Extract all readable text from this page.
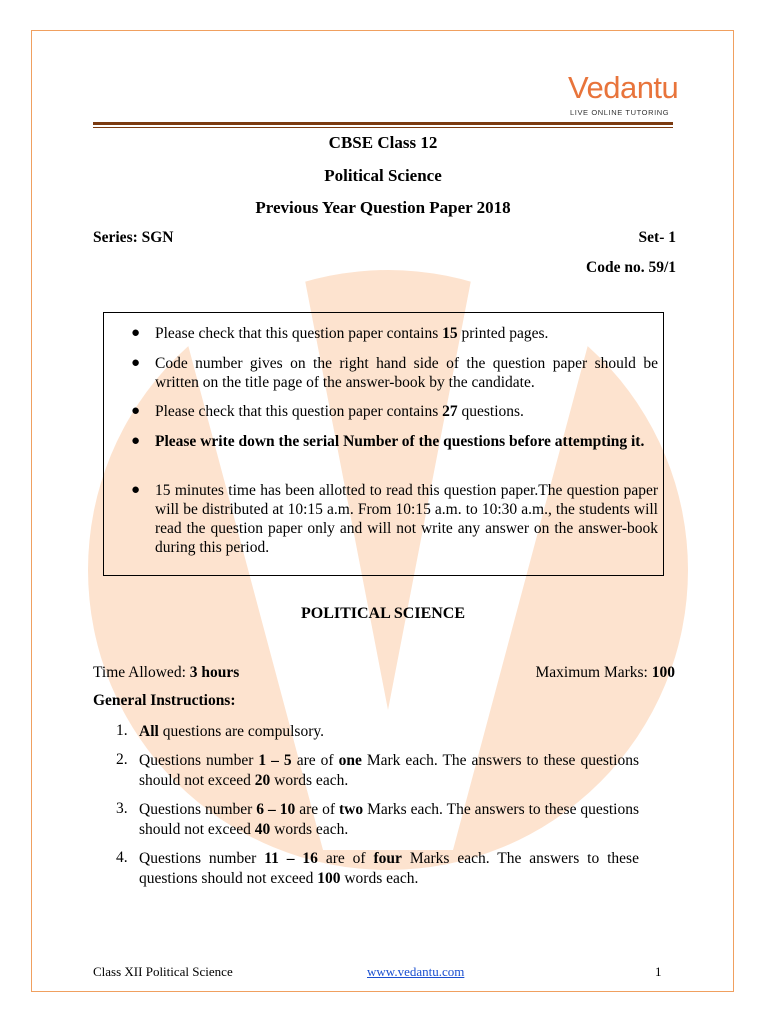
Vedantu
LIVE ONLINE TUTORING
CBSE Class 12
Political Science
Previous Year Question Paper 2018
Series: SGN	Set- 1
Code no. 59/1
● Please check that this question paper contains 15 printed pages.
● Code number gives on the right hand side of the question paper should be written on the title page of the answer-book by the candidate.
● Please check that this question paper contains 27 questions.
● Please write down the serial Number of the questions before attempting it.
● 15 minutes time has been allotted to read this question paper.The question paper will be distributed at 10:15 a.m. From 10:15 a.m. to 10:30 a.m., the students will read the question paper only and will not write any answer on the answer-book during this period.
POLITICAL SCIENCE
Time Allowed: 3 hours	Maximum Marks: 100
General Instructions:
1. All questions are compulsory.
2. Questions number 1 – 5 are of one Mark each. The answers to these questions should not exceed 20 words each.
3. Questions number 6 – 10 are of two Marks each. The answers to these questions should not exceed 40 words each.
4. Questions number 11 – 16 are of four Marks each. The answers to these questions should not exceed 100 words each.
Class XII Political Science	www.vedantu.com	1
